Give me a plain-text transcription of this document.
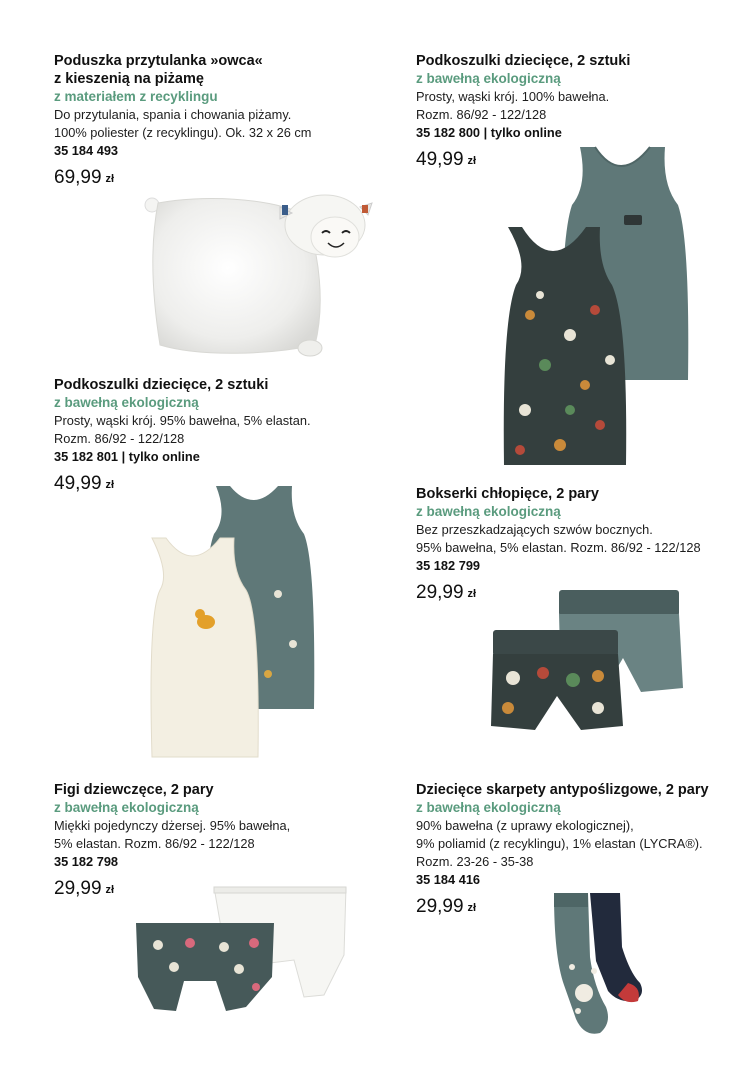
Poduszka przytulanka »owca«
z kieszenią na piżamę
z materiałem z recyklingu
Do przytulania, spania i chowania piżamy.
100% poliester (z recyklingu). Ok. 32 x 26 cm
35 184 493
69,99 zł
Podkoszulki dziecięce, 2 sztuki
z bawełną ekologiczną
Prosty, wąski krój. 100% bawełna.
Rozm. 86/92 - 122/128
35 182 800 | tylko online
49,99 zł
Podkoszulki dziecięce, 2 sztuki
z bawełną ekologiczną
Prosty, wąski krój. 95% bawełna, 5% elastan.
Rozm. 86/92 - 122/128
35 182 801 | tylko online
49,99 zł
Bokserki chłopięce, 2 pary
z bawełną ekologiczną
Bez przeszkadzających szwów bocznych.
95% bawełna, 5% elastan. Rozm. 86/92 - 122/128
35 182 799
29,99 zł
Figi dziewczęce, 2 pary
z bawełną ekologiczną
Miękki pojedynczy dżersej. 95% bawełna,
5% elastan. Rozm. 86/92 - 122/128
35 182 798
29,99 zł
Dziecięce skarpety antypoślizgowe, 2 pary
z bawełną ekologiczną
90% bawełna (z uprawy ekologicznej),
9% poliamid (z recyklingu), 1% elastan (LYCRA®).
Rozm. 23-26 - 35-38
35 184 416
29,99 zł
